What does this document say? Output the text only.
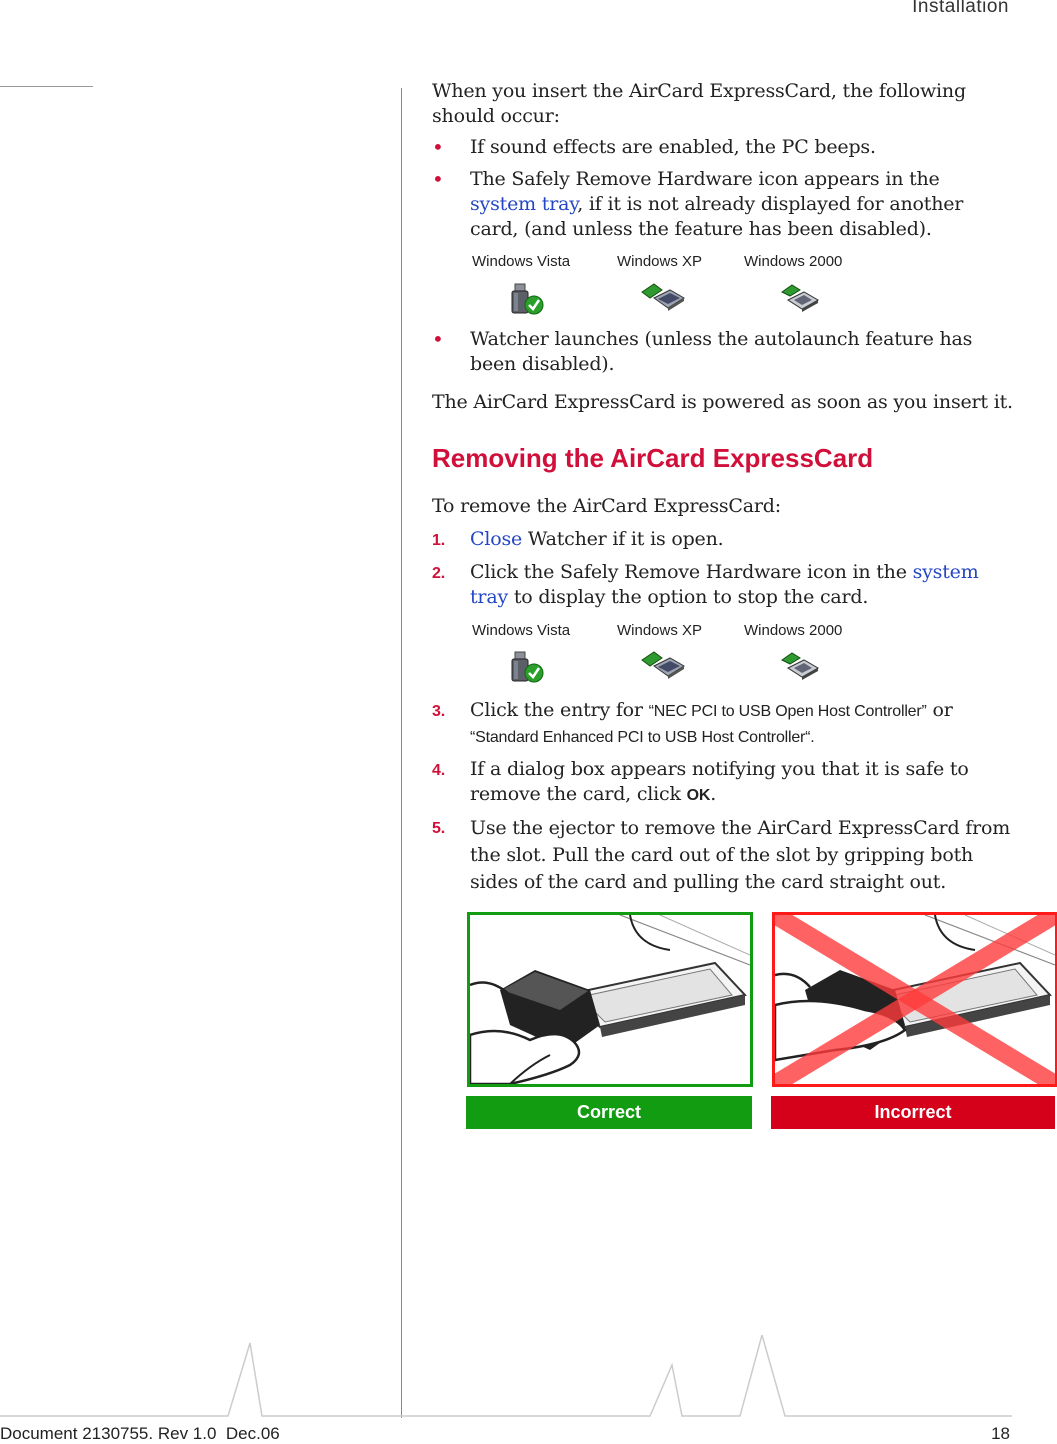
Installation
When you insert the AirCard ExpressCard, the following should occur:
• If sound effects are enabled, the PC beeps.
• The Safely Remove Hardware icon appears in the system tray, if it is not already displayed for another card, (and unless the feature has been disabled).
Windows Vista	Windows XP	Windows 2000
• Watcher launches (unless the autolaunch feature has been disabled).
The AirCard ExpressCard is powered as soon as you insert it.
Removing the AirCard ExpressCard
To remove the AirCard ExpressCard:
1. Close Watcher if it is open.
2. Click the Safely Remove Hardware icon in the system tray to display the option to stop the card.
Windows Vista	Windows XP	Windows 2000
3. Click the entry for “NEC PCI to USB Open Host Controller” or
“Standard Enhanced PCI to USB Host Controller“.
4. If a dialog box appears notifying you that it is safe to remove the card, click OK.
5. Use the ejector to remove the AirCard ExpressCard from the slot. Pull the card out of the slot by gripping both sides of the card and pulling the card straight out.
Correct	Incorrect
Document 2130755. Rev 1.0  Dec.06	18
